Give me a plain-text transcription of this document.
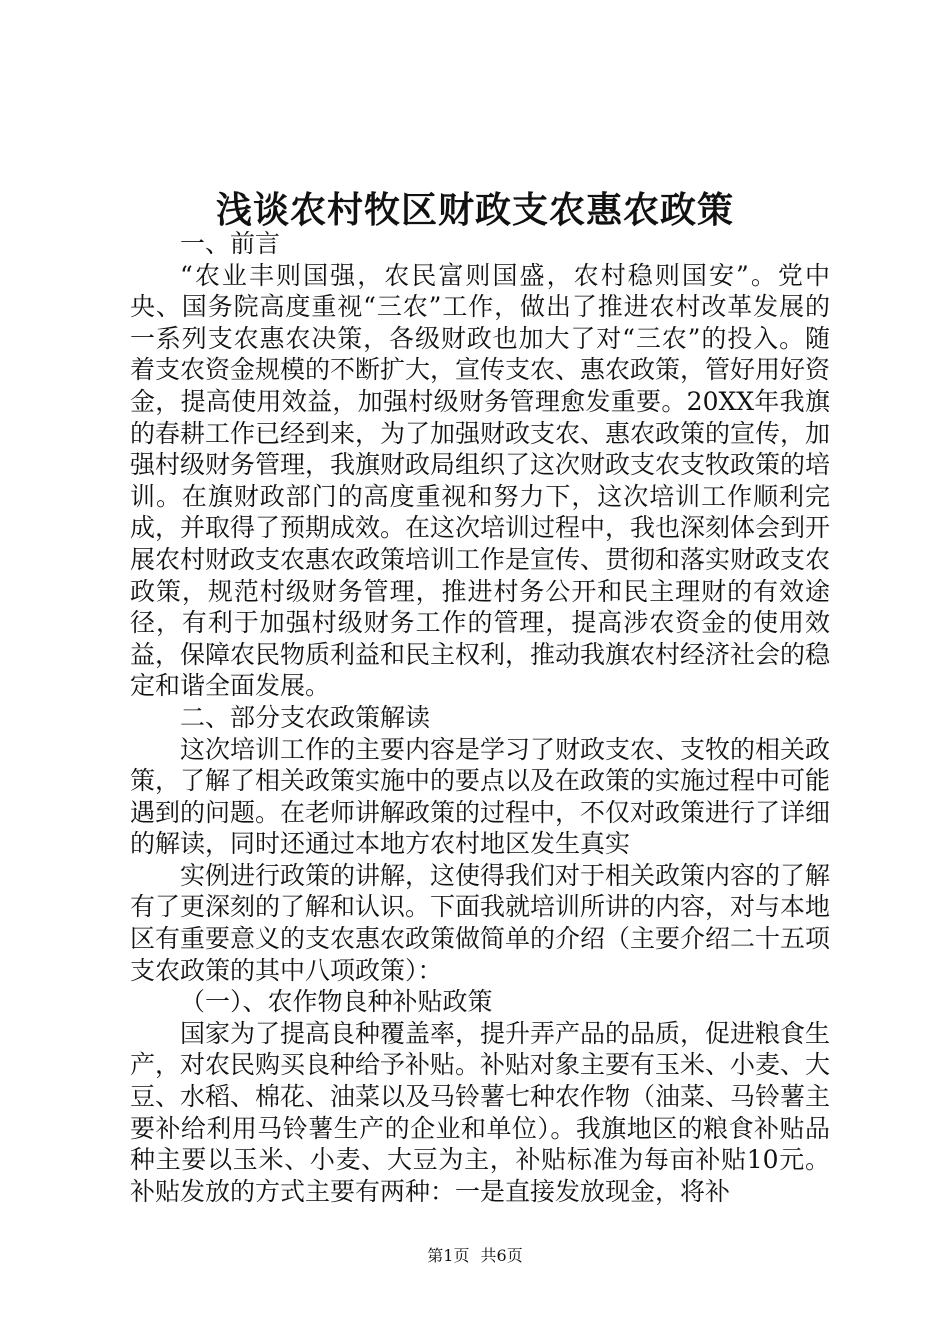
浅谈农村牧区财政支农惠农政策

一、前言

“农业丰则国强，农民富则国盛，农村稳则国安”。党中央、国务院高度重视“三农”工作，做出了推进农村改革发展的一系列支农惠农决策，各级财政也加大了对“三农”的投入。随着支农资金规模的不断扩大，宣传支农、惠农政策，管好用好资金，提高使用效益，加强村级财务管理愈发重要。20XX年我旗的春耕工作已经到来，为了加强财政支农、惠农政策的宣传，加强村级财务管理，我旗财政局组织了这次财政支农支牧政策的培训。在旗财政部门的高度重视和努力下，这次培训工作顺利完成，并取得了预期成效。在这次培训过程中，我也深刻体会到开展农村财政支农惠农政策培训工作是宣传、贯彻和落实财政支农政策，规范村级财务管理，推进村务公开和民主理财的有效途径，有利于加强村级财务工作的管理，提高涉农资金的使用效益，保障农民物质利益和民主权利，推动我旗农村经济社会的稳定和谐全面发展。

二、部分支农政策解读

这次培训工作的主要内容是学习了财政支农、支牧的相关政策，了解了相关政策实施中的要点以及在政策的实施过程中可能遇到的问题。在老师讲解政策的过程中，不仅对政策进行了详细的解读，同时还通过本地方农村地区发生真实

实例进行政策的讲解，这使得我们对于相关政策内容的了解有了更深刻的了解和认识。下面我就培训所讲的内容，对与本地区有重要意义的支农惠农政策做简单的介绍（主要介绍二十五项支农政策的其中八项政策）：

（一）、农作物良种补贴政策

国家为了提高良种覆盖率，提升弄产品的品质，促进粮食生产，对农民购买良种给予补贴。补贴对象主要有玉米、小麦、大豆、水稻、棉花、油菜以及马铃薯七种农作物（油菜、马铃薯主要补给利用马铃薯生产的企业和单位）。我旗地区的粮食补贴品种主要以玉米、小麦、大豆为主，补贴标准为每亩补贴10元。补贴发放的方式主要有两种：一是直接发放现金，将补

第1页 共6页
